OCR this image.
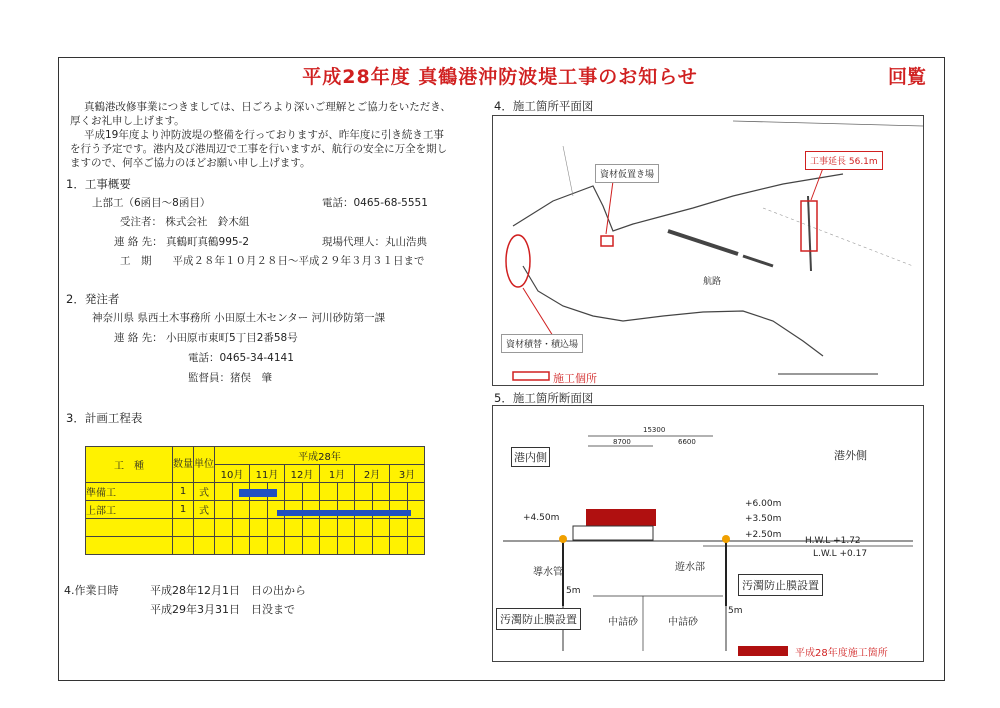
平成28年度 真鶴港沖防波堤工事のお知らせ	回覧
真鶴港改修事業につきましては、日ごろより深いご理解とご協力をいただき、
厚くお礼申し上げます。
平成19年度より沖防波堤の整備を行っておりますが、昨年度に引き続き工事
を行う予定です。港内及び港周辺で工事を行いますが、航行の安全に万全を期し
ますので、何卒ご協力のほどお願い申し上げます。
1．工事概要
上部工（6函目～8函目）	電話：0465-68-5551
受注者： 株式会社　鈴木組
連 絡 先： 真鶴町真鶴995-2	現場代理人：丸山浩典
工　期　　平成２８年１０月２８日～平成２９年３月３１日まで
2．発注者
神奈川県 県西土木事務所 小田原土木センター 河川砂防第一課
連 絡 先： 小田原市東町5丁目2番58号
電話：0465-34-4141
監督員：猪俣　肇
3．計画工程表
工　種	数量	単位	平成28年											
			10月		11月		12月		1月		2月		3月	
準備工	1	式												
上部工	1	式												

4.作業日時	平成28年12月1日　日の出から
平成29年3月31日　日没まで
4．施工箇所平面図
資材仮置き場
資材積替・積込場
工事延長 56.1m
航路
施工個所
5．施工箇所断面図
港内側	港外側
15300
8700	6600
+6.00m
+3.50m
+2.50m
+4.50m
H.W.L +1.72
L.W.L +0.17
導水管	遊水部
中詰砂	中詰砂
5m
5m
汚濁防止膜設置
汚濁防止膜設置
平成28年度施工箇所
